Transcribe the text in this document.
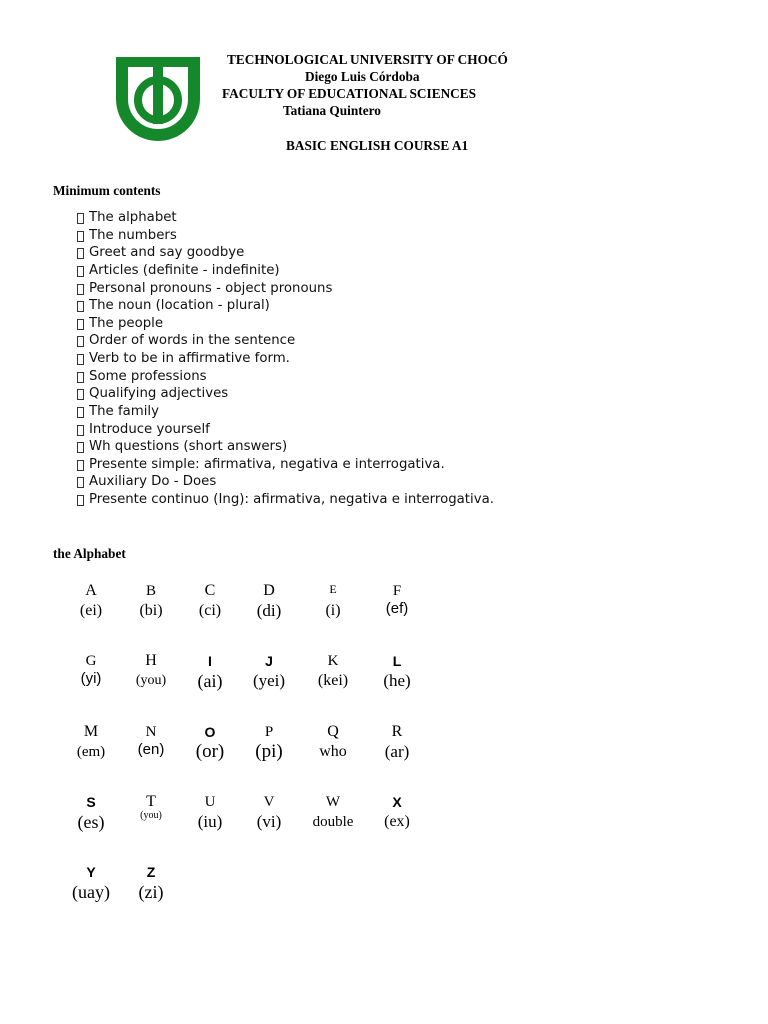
TECHNOLOGICAL UNIVERSITY OF CHOCÓ
Diego Luis Córdoba
FACULTY OF EDUCATIONAL SCIENCES
Tatiana Quintero
BASIC ENGLISH COURSE A1
Minimum contents
The alphabet
The numbers
Greet and say goodbye
Articles (definite - indefinite)
Personal pronouns - object pronouns
The noun (location - plural)
The people
Order of words in the sentence
Verb to be in affirmative form.
Some professions
Qualifying adjectives
The family
Introduce yourself
Wh questions (short answers)
Presente simple: afirmativa, negativa e interrogativa.
Auxiliary Do - Does
Presente continuo (Ing): afirmativa, negativa e interrogativa.
the Alphabet
A
(ei)
B
(bi)
C
(ci)
D
(di)
E
(i)
F
(ef)
G
(yi)
H
(you)
I
(ai)
J
(yei)
K
(kei)
L
(he)
M
(em)
N
(en)
O
(or)
P
(pi)
Q
who
R
(ar)
S
(es)
T
(you)
U
(iu)
V
(vi)
W
double
X
(ex)
Y
(uay)
Z
(zi)
